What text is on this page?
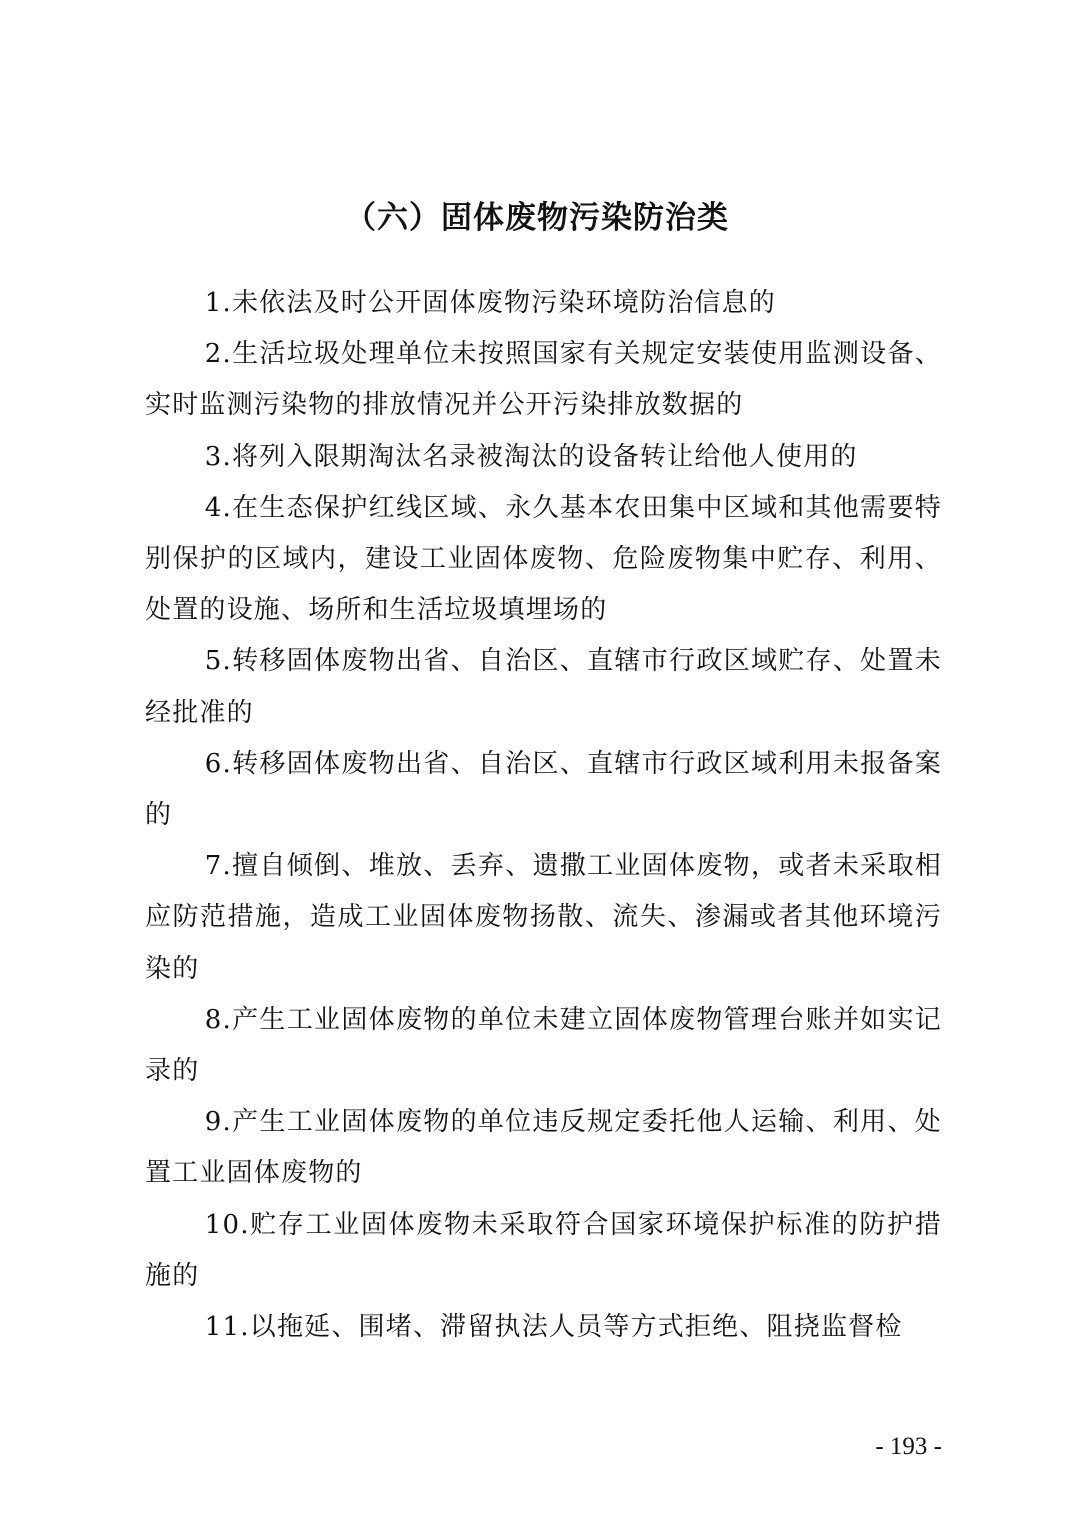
（六）固体废物污染防治类

1.未依法及时公开固体废物污染环境防治信息的

2.生活垃圾处理单位未按照国家有关规定安装使用监测设备、实时监测污染物的排放情况并公开污染排放数据的

3.将列入限期淘汰名录被淘汰的设备转让给他人使用的

4.在生态保护红线区域、永久基本农田集中区域和其他需要特别保护的区域内，建设工业固体废物、危险废物集中贮存、利用、处置的设施、场所和生活垃圾填埋场的

5.转移固体废物出省、自治区、直辖市行政区域贮存、处置未经批准的

6.转移固体废物出省、自治区、直辖市行政区域利用未报备案的

7.擅自倾倒、堆放、丢弃、遗撒工业固体废物，或者未采取相应防范措施，造成工业固体废物扬散、流失、渗漏或者其他环境污染的

8.产生工业固体废物的单位未建立固体废物管理台账并如实记录的

9.产生工业固体废物的单位违反规定委托他人运输、利用、处置工业固体废物的

10.贮存工业固体废物未采取符合国家环境保护标准的防护措施的

11.以拖延、围堵、滞留执法人员等方式拒绝、阻挠监督检

- 193 -
